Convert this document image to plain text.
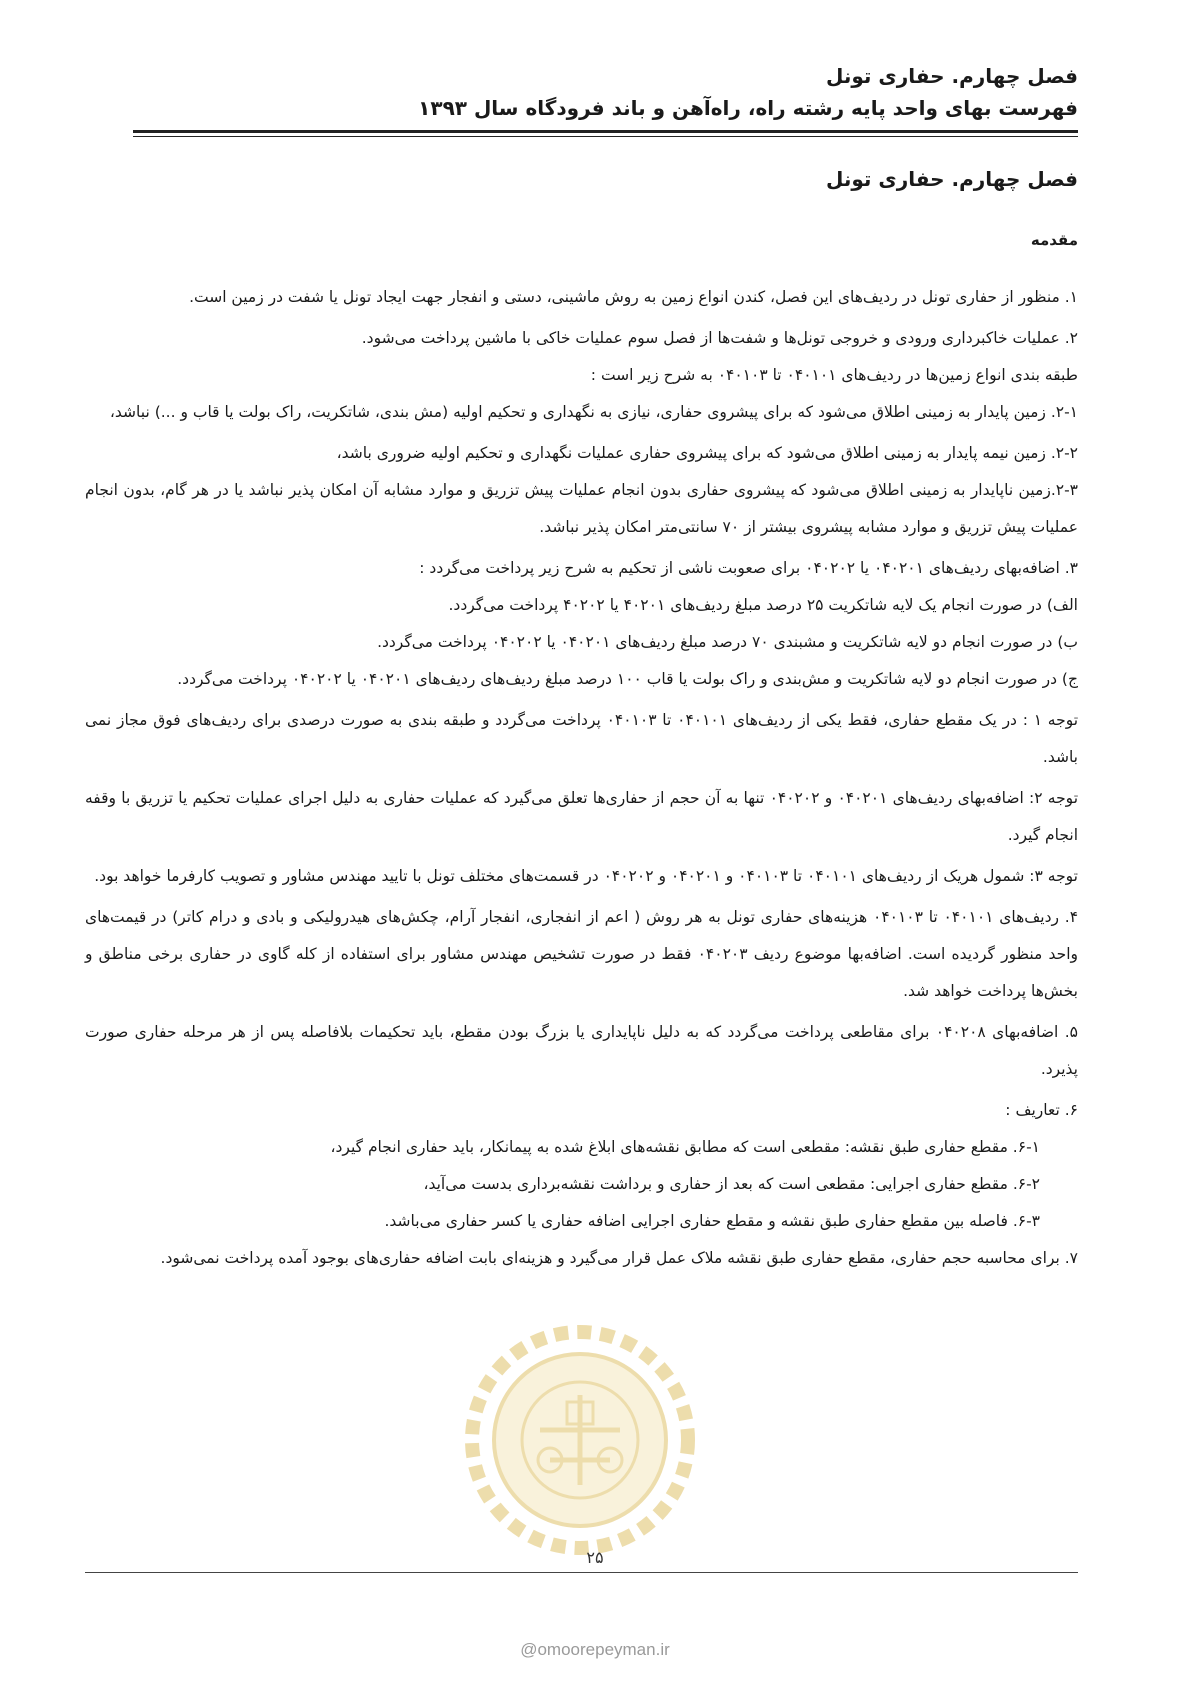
فصل چهارم. حفاری تونل
فهرست بهای واحد پایه رشته راه، راه‌آهن و باند فرودگاه سال ۱۳۹۳
فصل چهارم. حفاری تونل
مقدمه

۱. منظور از حفاری تونل در ردیف‌های این فصل، کندن انواع زمین به روش ماشینی، دستی و انفجار جهت ایجاد تونل یا شفت در زمین است.

۲. عملیات خاکبرداری ورودی و خروجی تونل‌ها و شفت‌ها از فصل سوم عملیات خاکی با ماشین پرداخت می‌شود.

طبقه بندی انواع زمین‌ها در ردیف‌های ۰۴۰۱۰۱ تا ۰۴۰۱۰۳ به شرح زیر است :

۲-۱. زمین پایدار به زمینی اطلاق می‌شود که برای پیشروی حفاری، نیازی به نگهداری و تحکیم اولیه (مش بندی، شاتکریت، راک بولت یا قاب و ...) نباشد،

۲-۲. زمین نیمه پایدار به زمینی اطلاق می‌شود که برای پیشروی حفاری عملیات نگهداری و تحکیم اولیه ضروری باشد،

۲-۳.زمین ناپایدار به زمینی اطلاق می‌شود که پیشروی حفاری بدون انجام عملیات پیش تزریق و موارد مشابه آن امکان پذیر نباشد یا در هر گام، بدون انجام عملیات پیش تزریق و موارد مشابه پیشروی بیشتر از ۷۰ سانتی‌متر امکان پذیر نباشد.

۳. اضافه‌بهای ردیف‌های ۰۴۰۲۰۱ یا ۰۴۰۲۰۲ برای صعوبت ناشی از تحکیم به شرح زیر پرداخت می‌گردد :

الف) در صورت انجام یک لایه شاتکریت ۲۵ درصد مبلغ ردیف‌های ۴۰۲۰۱ یا ۴۰۲۰۲ پرداخت می‌گردد.

ب) در صورت انجام دو لایه شاتکریت و مشبندی ۷۰ درصد مبلغ ردیف‌های ۰۴۰۲۰۱ یا ۰۴۰۲۰۲ پرداخت می‌گردد.

ج) در صورت انجام دو لایه شاتکریت و مش‌بندی و راک بولت یا قاب ۱۰۰ درصد مبلغ ردیف‌های ردیف‌های ۰۴۰۲۰۱ یا ۰۴۰۲۰۲ پرداخت می‌گردد.

توجه ۱ : در یک مقطع حفاری، فقط یکی از ردیف‌های ۰۴۰۱۰۱ تا ۰۴۰۱۰۳ پرداخت می‌گردد و طبقه بندی به صورت درصدی برای ردیف‌های فوق مجاز نمی باشد.

توجه ۲: اضافه‌بهای ردیف‌های ۰۴۰۲۰۱ و ۰۴۰۲۰۲ تنها به آن حجم از حفاری‌ها تعلق می‌گیرد که عملیات حفاری به دلیل اجرای عملیات تحکیم یا تزریق با وقفه انجام گیرد.

توجه ۳: شمول هریک از ردیف‌های ۰۴۰۱۰۱ تا ۰۴۰۱۰۳ و ۰۴۰۲۰۱ و ۰۴۰۲۰۲ در قسمت‌های مختلف تونل با تایید مهندس مشاور و تصویب کارفرما خواهد بود.

۴. ردیف‌های ۰۴۰۱۰۱ تا ۰۴۰۱۰۳ هزینه‌های حفاری تونل به هر روش ( اعم از انفجاری، انفجار آرام، چکش‌های هیدرولیکی و بادی و درام کاتر) در قیمت‌های واحد منظور گردیده است. اضافه‌بها موضوع ردیف ۰۴۰۲۰۳ فقط در صورت تشخیص مهندس مشاور برای استفاده از کله گاوی در حفاری برخی مناطق و بخش‌ها پرداخت خواهد شد.

۵. اضافه‌بهای ۰۴۰۲۰۸ برای مقاطعی پرداخت می‌گردد که به دلیل ناپایداری یا بزرگ بودن مقطع، باید تحکیمات بلافاصله پس از هر مرحله حفاری صورت پذیرد.

۶. تعاریف :

۶-۱. مقطع حفاری طبق نقشه: مقطعی است که مطابق نقشه‌های ابلاغ شده به پیمانکار، باید حفاری انجام گیرد،

۶-۲. مقطع حفاری اجرایی: مقطعی است که بعد از حفاری و برداشت نقشه‌برداری بدست می‌آید،

۶-۳. فاصله بین مقطع حفاری طبق نقشه و مقطع حفاری اجرایی اضافه حفاری یا کسر حفاری می‌باشد.

۷. برای محاسبه حجم حفاری، مقطع حفاری طبق نقشه ملاک عمل قرار می‌گیرد و هزینه‌ای بابت اضافه حفاری‌های بوجود آمده پرداخت نمی‌شود.

۲۵
@omoorepeyman.ir
